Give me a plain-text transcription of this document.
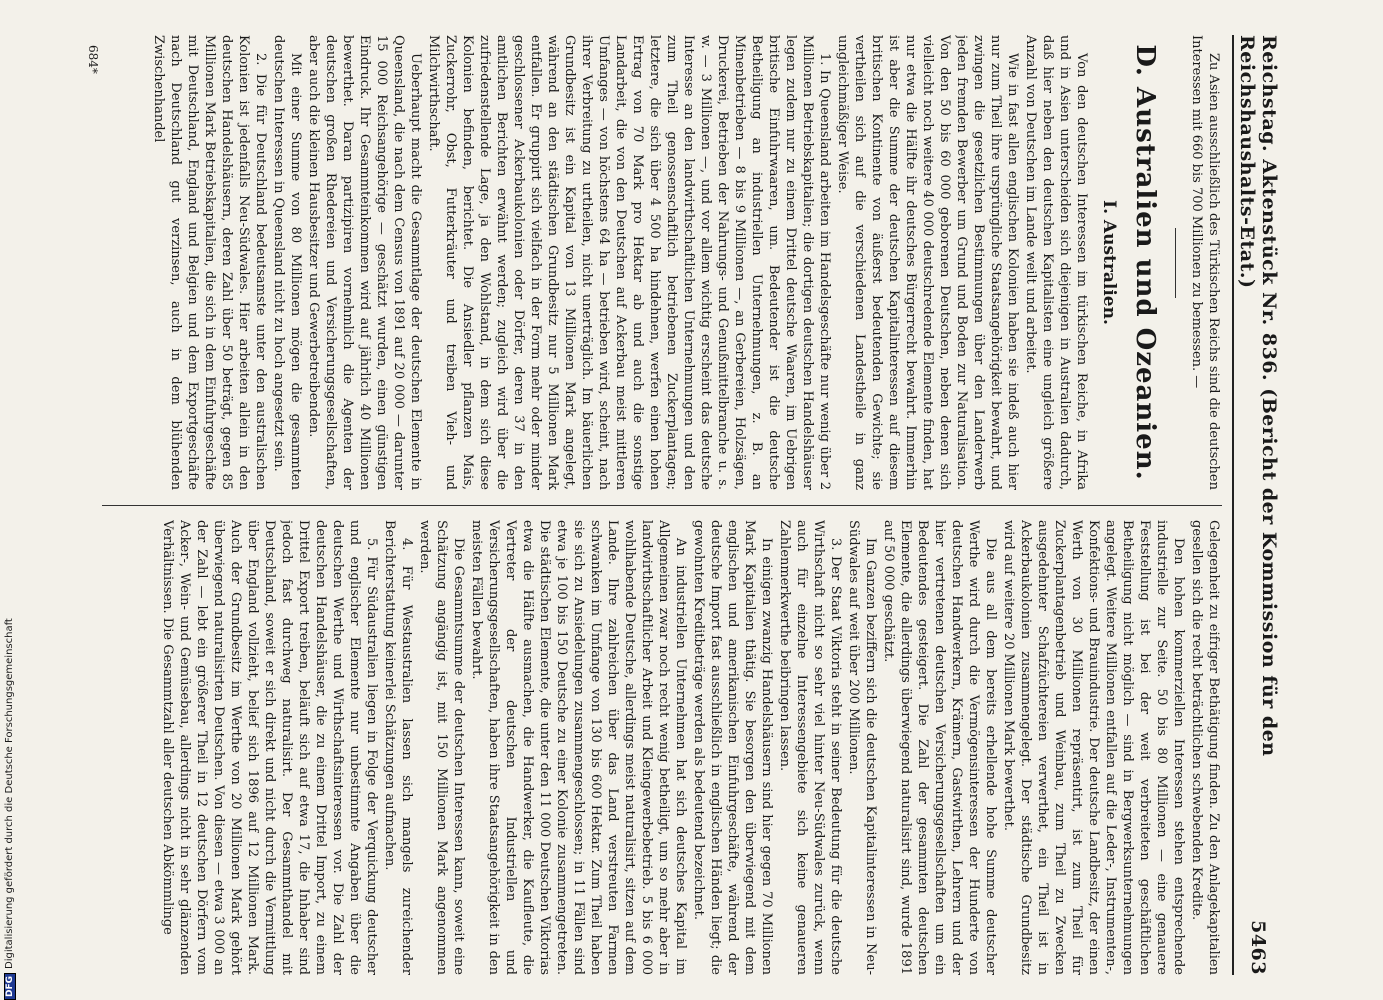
Reichstag. Aktenstück Nr. 836. (Bericht der Kommission für den Reichshaushalts-Etat.)
5463

Zu Asien ausschließlich des Türkischen Reichs sind die deutschen Interessen mit 660 bis 700 Millionen zu bemessen. —

D. Australien und Ozeanien.
I. Australien.

Von den deutschen Interessen im türkischen Reiche, in Afrika und in Asien unterscheiden sich diejenigen in Australien dadurch, daß hier neben den deutschen Kapitalisten eine ungleich größere Anzahl von Deutschen im Lande weilt und arbeitet.

Wie in fast allen englischen Kolonien haben sie indeß auch hier nur zum Theil ihre ursprüngliche Staatsangehörigkeit bewahrt, und zwingen die gesetzlichen Bestimmungen über den Landerwerb jeden fremden Bewerber um Grund und Boden zur Naturalisation. Von den 50 bis 60 000 geborenen Deutschen, neben denen sich vielleicht noch weitere 40 000 deutschredende Elemente finden, hat nur etwa die Hälfte ihr deutsches Bürgerrecht bewahrt. Immerhin ist aber die Summe der deutschen Kapitalinteressen auf diesem britischen Kontinente von äußerst bedeutenden Gewichte; sie vertheilen sich auf die verschiedenen Landestheile in ganz ungleichmäßiger Weise.

1. In Queensland arbeiten im Handelsgeschäfte nur wenig über 2 Millionen Betriebskapitalien; die dortigen deutschen Handelshäuser legen zudem nur zu einem Drittel deutsche Waaren, im Uebrigen britische Einfuhrwaaren, um. Bedeutender ist die deutsche Betheiligung an industriellen Unternehmungen, z. B. an Minenbetrieben — 8 bis 9 Millionen —, an Gerbereien, Holzsägen, Druckerei, Betrieben der Nahrungs- und Genußmittelbranche u. s. w. — 3 Millionen —, und vor allem wichtig erscheint das deutsche Interesse an den landwirthschaftlichen Unternehmungen und den zum Theil genossenschaftlich betriebenen Zuckerplantagen; letztere, die sich über 4 500 ha hindehnen, werfen einen hohen Ertrag von 70 Mark pro Hektar ab und auch die sonstige Landarbeit, die von den Deutschen auf Ackerbau meist mittleren Umfanges — von höchstens 64 ha — betrieben wird, scheint, nach ihrer Verbreitung zu urtheilen, nicht unerträglich. Im bäuerlichen Grundbesitz ist ein Kapital von 13 Millionen Mark angelegt, während an den städtischen Grundbesitz nur 5 Millionen Mark entfallen. Er gruppirt sich vielfach in der Form mehr oder minder geschlossener Ackerbaukolonien oder Dörfer, deren 37 in den amtlichen Berichten erwähnt werden; zugleich wird über die zufriedenstellende Lage, ja den Wohlstand, in dem sich diese Kolonien befinden, berichtet. Die Ansiedler pflanzen Mais, Zuckerrohr, Obst, Futterkräuter und treiben Vieh- und Milchwirthschaft.

Ueberhaupt macht die Gesammtlage der deutschen Elemente in Queensland, die nach dem Census von 1891 auf 20 000 — darunter 15 000 Reichsangehörige — geschätzt wurden, einen günstigen Eindruck. Ihr Gesammteinkommen wird auf jährlich 40 Millionen bewerthet. Daran partizipiren vornehmlich die Agenten der deutschen großen Rhedereien und Versicherungsgesellschaften, aber auch die kleinen Hausbesitzer und Gewerbetreibenden.

Mit einer Summe von 80 Millionen mögen die gesammten deutschen Interessen in Queensland nicht zu hoch angesetzt sein.

2. Die für Deutschland bedeutsamste unter den australischen Kolonien ist jedenfalls Neu-Südwales. Hier arbeiten allein in den deutschen Handelshäusern, deren Zahl über 50 beträgt, gegen 85 Millionen Mark Betriebskapitalien, die sich in dem Einfuhrgeschäfte mit Deutschland, England und Belgien und dem Exportgeschäfte nach Deutschland gut verzinsen, auch in dem blühenden Zwischenhandel

Gelegenheit zu eifriger Bethätigung finden. Zu den Anlagekapitalien gesellen sich die recht beträchtlichen schwebenden Kredite.

Den hohen kommerziellen Interessen stehen entsprechende industrielle zur Seite. 50 bis 80 Millionen — eine genauere Feststellung ist bei der weit verbreiteten geschäftlichen Betheiligung nicht möglich — sind in Bergwerksunternehmungen angelegt. Weitere Millionen entfallen auf die Leder-, Instrumenten-, Konfektions- und Brauindustrie. Der deutsche Landbesitz, der einen Werth von 30 Millionen repräsentirt, ist zum Theil für Zuckerplantagenbetrieb und Weinbau, zum Theil zu Zwecken ausgedehnter Schafzüchtereien verwerthet, ein Theil ist in Ackerbaukolonien zusammengelegt. Der städtische Grundbesitz wird auf weitere 20 Millionen Mark bewerthet.

Die aus all dem bereits erhellende hohe Summe deutscher Werthe wird durch die Vermögensinteressen der Hunderte von deutschen Handwerkern, Krämern, Gastwirthen, Lehrern und der hier vertretenen deutschen Versicherungsgesellschaften um ein Bedeutendes gesteigert. Die Zahl der gesammten deutschen Elemente, die allerdings überwiegend naturalisirt sind, wurde 1891 auf 50 000 geschätzt.

Im Ganzen beziffern sich die deutschen Kapitalinteressen in Neu-Südwales auf weit über 200 Millionen.

3. Der Staat Viktoria steht in seiner Bedeutung für die deutsche Wirthschaft nicht so sehr viel hinter Neu-Südwales zurück, wenn auch für einzelne Interessengebiete sich keine genaueren Zahlenmerkwerthe beibringen lassen.

In einigen zwanzig Handelshäusern sind hier gegen 70 Millionen Mark Kapitalien thätig. Sie besorgen den überwiegend mit dem englischen und amerikanischen Einfuhrgeschäfte, während der deutsche Import fast ausschließlich in englischen Händen liegt; die gewohnten Kreditbeträge werden als bedeutend bezeichnet.

An industriellen Unternehmen hat sich deutsches Kapital im Allgemeinen zwar noch recht wenig betheiligt, um so mehr aber in landwirthschaftlicher Arbeit und Kleingewerbebetrieb. 5 bis 6 000 wohlhabende Deutsche, allerdings meist naturalisirt, sitzen auf dem Lande. Ihre zahlreichen über das Land verstreuten Farmen schwanken im Umfange von 130 bis 600 Hektar. Zum Theil haben sie sich zu Ansiedelungen zusammengeschlossen; in 11 Fällen sind etwa je 100 bis 150 Deutsche zu einer Kolonie zusammengetreten. Die städtischen Elemente, die unter den 11 000 Deutschen Viktorias etwa die Hälfte ausmachen, die Handwerker, die Kaufleute, die Vertreter der deutschen Industriellen und Versicherungsgesellschaften, haben ihre Staatsangehörigkeit in den meisten Fällen bewahrt.

Die Gesammtsumme der deutschen Interessen kann, soweit eine Schätzung angängig ist, mit 150 Millionen Mark angenommen werden.

4. Für Westaustralien lassen sich mangels zureichender Berichterstattung keinerlei Schätzungen aufmachen.

5. Für Südaustralien liegen in Folge der Verquickung deutscher und englischer Elemente nur unbestimmte Angaben über die deutschen Werthe und Wirthschaftsinteressen vor. Die Zahl der deutschen Handelshäuser, die zu einem Drittel Import, zu einem Drittel Export treiben, beläuft sich auf etwa 17, die Inhaber sind jedoch fast durchweg naturalisirt. Der Gesammthandel mit Deutschland, soweit er sich direkt und nicht durch die Vermittlung über England vollzieht, belief sich 1896 auf 12 Millionen Mark. Auch der Grundbesitz im Werthe von 20 Millionen Mark gehört überwiegend naturalisirten Deutschen. Von diesen — etwa 3 000 an der Zahl — lebt ein größerer Theil in 12 deutschen Dörfern vom Acker-, Wein- und Gemüsebau, allerdings nicht in sehr glänzenden Verhältnissen. Die Gesammtzahl aller deutschen Abkömmlinge

684*
DFGDigitalisierung gefördert durch die Deutsche Forschungsgemeinschaft
